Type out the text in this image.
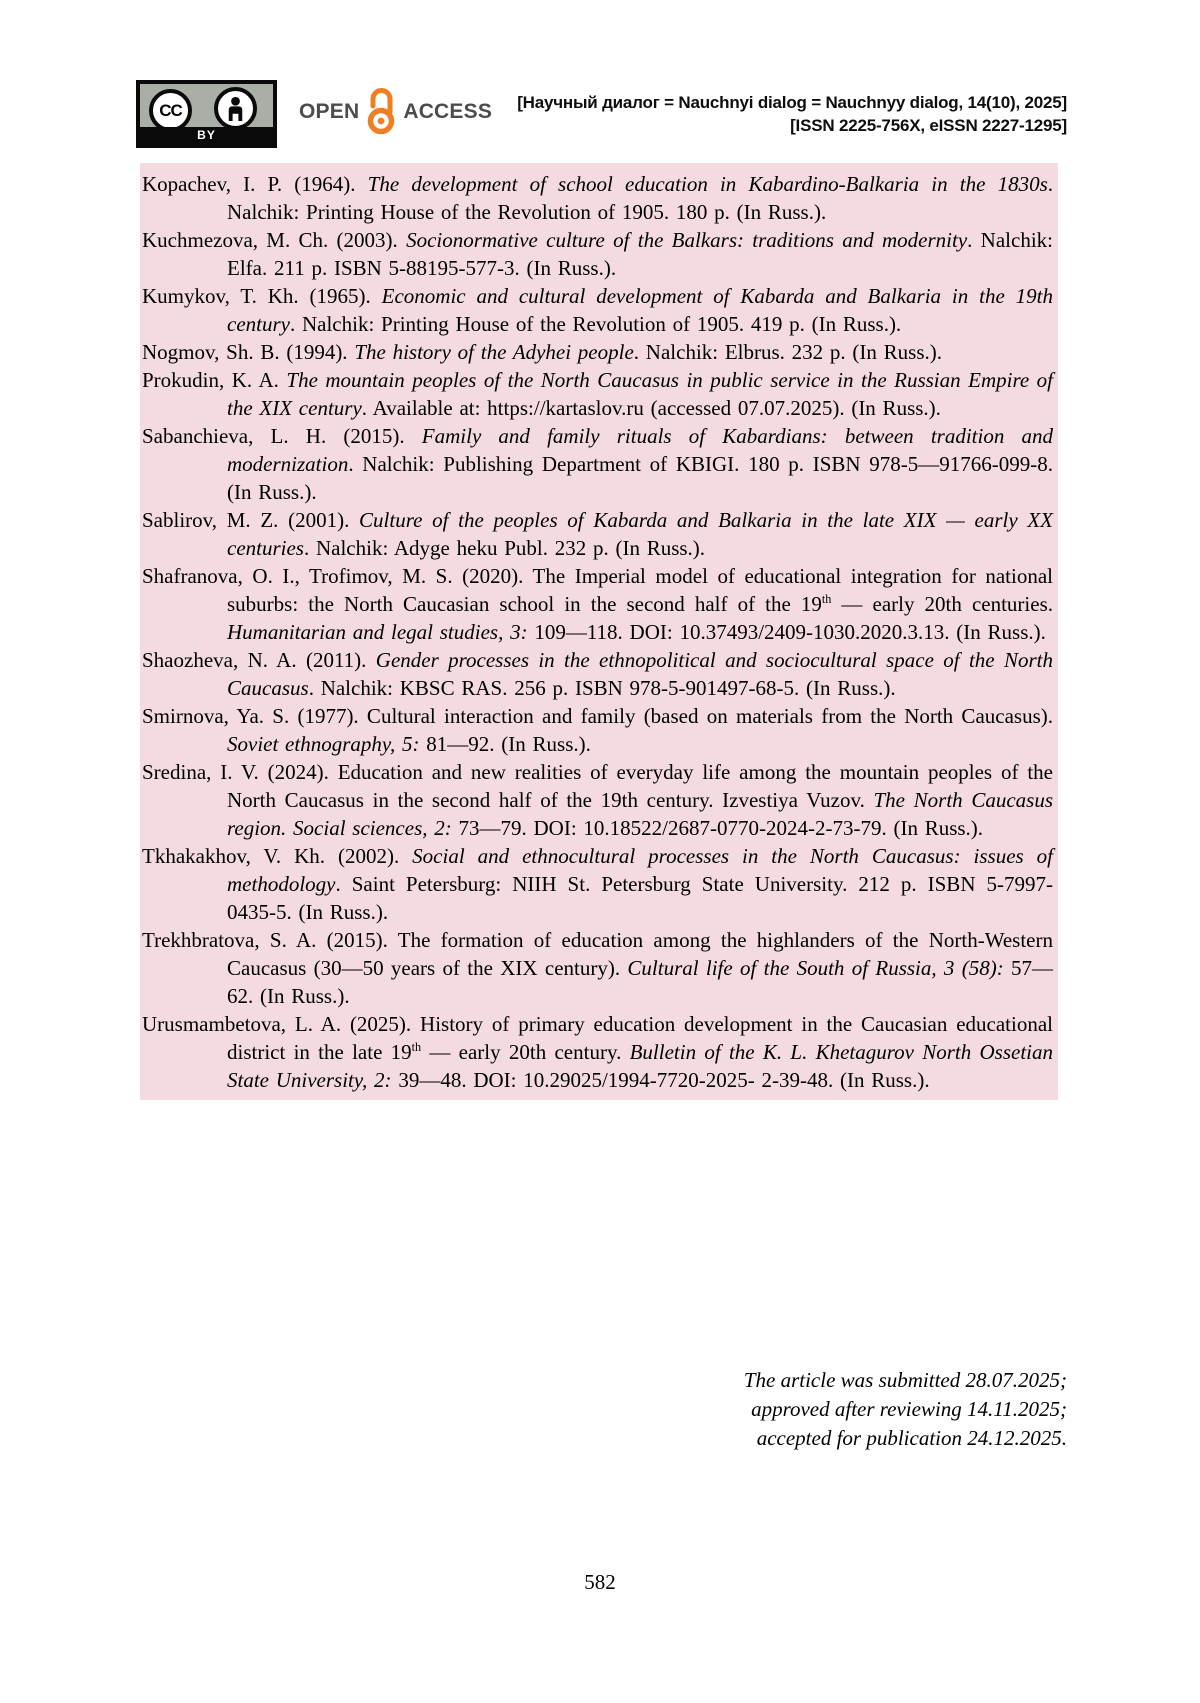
CC
BY
OPEN ACCESS [Научный диалог = Nauchnyi dialog = Nauchnyy dialog, 14(10), 2025]
[ISSN 2225-756X, eISSN 2227-1295]

Kopachev, I. P. (1964). The development of school education in Kabardino-Balkaria in the 1830s. Nalchik: Printing House of the Revolution of 1905. 180 p. (In Russ.).

Kuchmezova, M. Ch. (2003). Socionormative culture of the Balkars: traditions and modernity. Nalchik: Elfa. 211 p. ISBN 5-88195-577-3. (In Russ.).

Kumykov, T. Kh. (1965). Economic and cultural development of Kabarda and Balkaria in the 19th century. Nalchik: Printing House of the Revolution of 1905. 419 p. (In Russ.).

Nogmov, Sh. B. (1994). The history of the Adyhei people. Nalchik: Elbrus. 232 p. (In Russ.).

Prokudin, K. A. The mountain peoples of the North Caucasus in public service in the Russian Empire of the XIX century. Available at: https://kartaslov.ru (accessed 07.07.2025). (In Russ.).

Sabanchieva, L. H. (2015). Family and family rituals of Kabardians: between tradition and modernization. Nalchik: Publishing Department of KBIGI. 180 p. ISBN 978-5—91766-099-8. (In Russ.).

Sablirov, M. Z. (2001). Culture of the peoples of Kabarda and Balkaria in the late XIX — early XX centuries. Nalchik: Adyge heku Publ. 232 p. (In Russ.).

Shafranova, O. I., Trofimov, M. S. (2020). The Imperial model of educational integration for national suburbs: the North Caucasian school in the second half of the 19th — early 20th centuries. Humanitarian and legal studies, 3: 109—118. DOI: 10.37493/2409-1030.2020.3.13. (In Russ.).

Shaozheva, N. A. (2011). Gender processes in the ethnopolitical and sociocultural space of the North Caucasus. Nalchik: KBSC RAS. 256 p. ISBN 978-5-901497-68-5. (In Russ.).

Smirnova, Ya. S. (1977). Cultural interaction and family (based on materials from the North Caucasus). Soviet ethnography, 5: 81—92. (In Russ.).

Sredina, I. V. (2024). Education and new realities of everyday life among the mountain peoples of the North Caucasus in the second half of the 19th century. Izvestiya Vuzov. The North Caucasus region. Social sciences, 2: 73—79. DOI: 10.18522/2687-0770-2024-2-73-79. (In Russ.).

Tkhakakhov, V. Kh. (2002). Social and ethnocultural processes in the North Caucasus: issues of methodology. Saint Petersburg: NIIH St. Petersburg State University. 212 p. ISBN 5-7997-0435-5. (In Russ.).

Trekhbratova, S. A. (2015). The formation of education among the highlanders of the North-Western Caucasus (30—50 years of the XIX century). Cultural life of the South of Russia, 3 (58): 57—62. (In Russ.).

Urusmambetova, L. A. (2025). History of primary education development in the Caucasian educational district in the late 19th — early 20th century. Bulletin of the K. L. Khetagurov North Ossetian State University, 2: 39—48. DOI: 10.29025/1994-7720-2025- 2-39-48. (In Russ.).

The article was submitted 28.07.2025;
approved after reviewing 14.11.2025;
accepted for publication 24.12.2025.
582
